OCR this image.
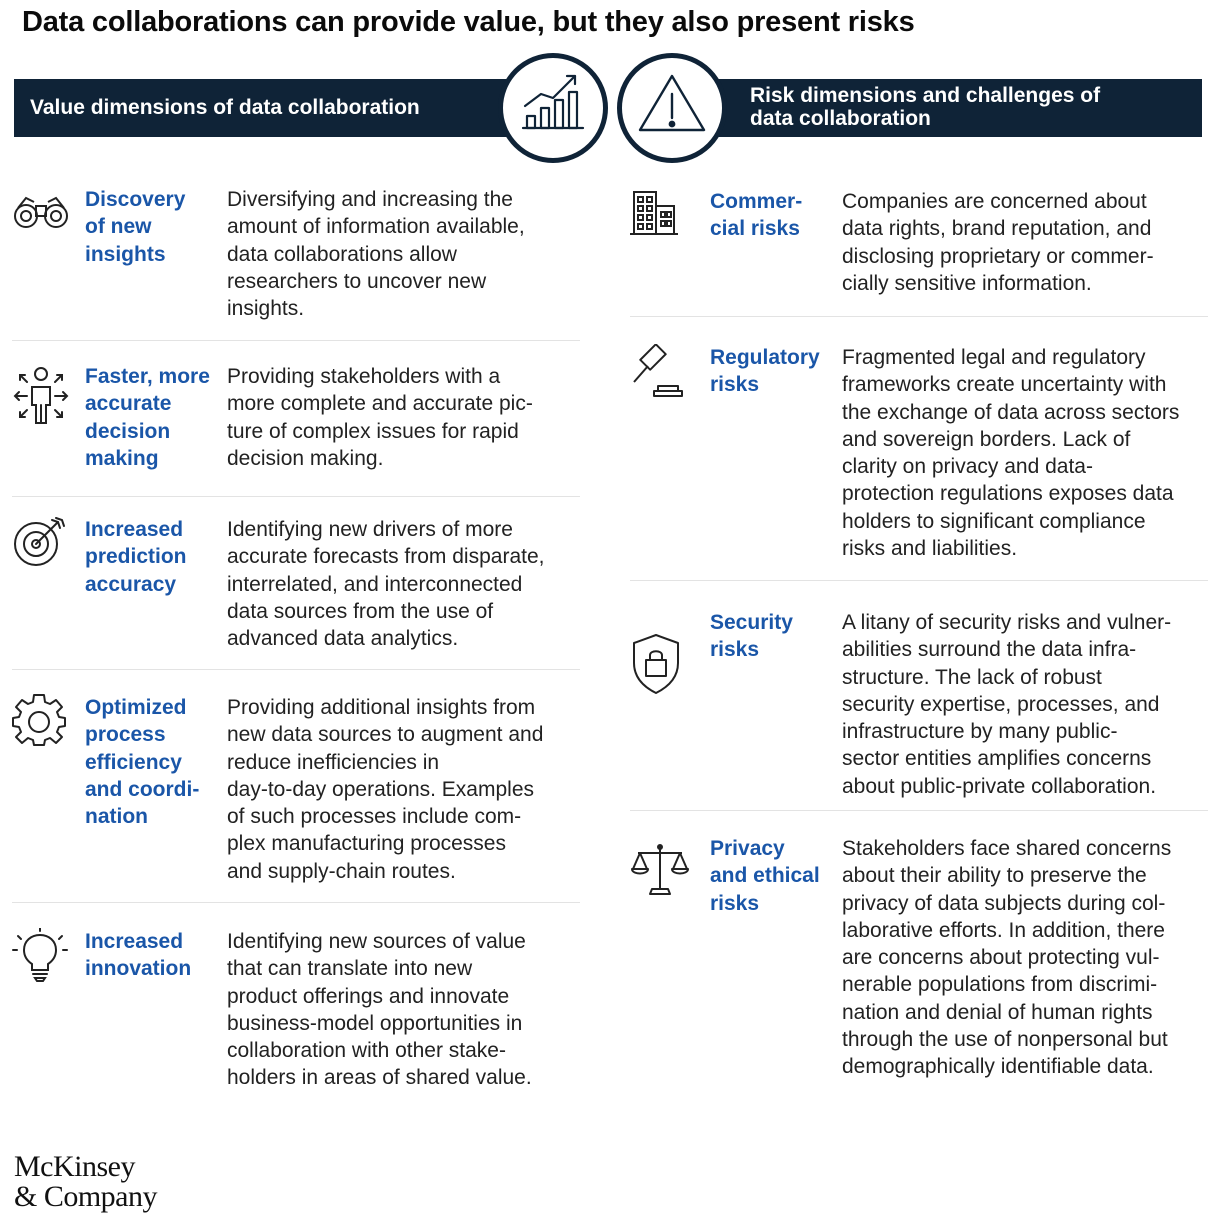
Data collaborations can provide value, but they also present risks
Value dimensions of data collaboration
Risk dimensions and challenges of
data collaboration
Discovery
of new
insights
Diversifying and increasing the
amount of information available,
data collaborations allow
researchers to uncover new
insights.
Faster, more
accurate
decision
making
Providing stakeholders with a
more complete and accurate pic-
ture of complex issues for rapid
decision making.
Increased
prediction
accuracy
Identifying new drivers of more
accurate forecasts from disparate,
interrelated, and interconnected
data sources from the use of
advanced data analytics.
Optimized
process
efficiency
and coordi-
nation
Providing additional insights from
new data sources to augment and
reduce inefficiencies in
day-to-day operations. Examples
of such processes include com-
plex manufacturing processes
and supply-chain routes.
Increased
innovation
Identifying new sources of value
that can translate into new
product offerings and innovate
business-model opportunities in
collaboration with other stake-
holders in areas of shared value.
Commer-
cial risks
Companies are concerned about
data rights, brand reputation, and
disclosing proprietary or commer-
cially sensitive information.
Regulatory
risks
Fragmented legal and regulatory
frameworks create uncertainty with
the exchange of data across sectors
and sovereign borders. Lack of
clarity on privacy and data-
protection regulations exposes data
holders to significant compliance
risks and liabilities.
Security
risks
A litany of security risks and vulner-
abilities surround the data infra-
structure. The lack of robust
security expertise, processes, and
infrastructure by many public-
sector entities amplifies concerns
about public-private collaboration.
Privacy
and ethical
risks
Stakeholders face shared concerns
about their ability to preserve the
privacy of data subjects during col-
laborative efforts. In addition, there
are concerns about protecting vul-
nerable populations from discrimi-
nation and denial of human rights
through the use of nonpersonal but
demographically identifiable data.
McKinsey
& Company
